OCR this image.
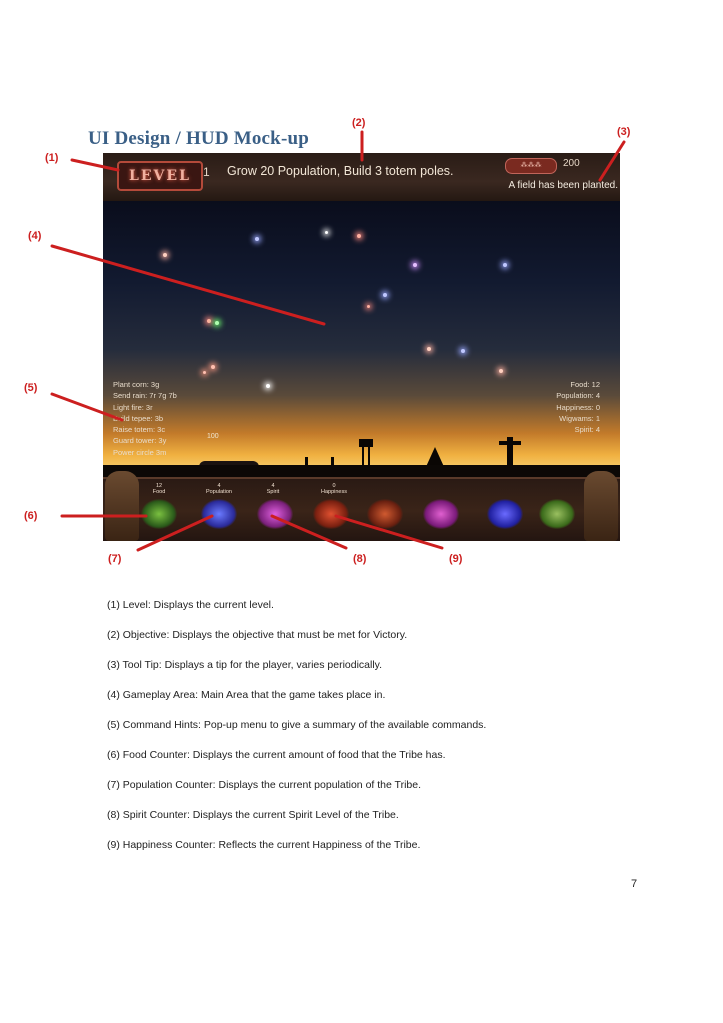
UI Design / HUD Mock-up
LEVEL	1 Grow 20 Population, Build 3 totem poles.	⁂⁂⁂	200
A field has been planted.
Plant corn: 3g
Send rain: 7r 7g 7b
Light fire: 3r
Build tepee: 3b
Raise totem: 3c
Guard tower: 3y
Power circle 3m
100
Food: 12
Population: 4
Happiness: 0
Wigwams: 1
Spirit: 4
12
Food
4
Population
4
Spirit
0
Happiness
(1)
(2)
(3)
(4)
(5)
(6)
(7)	(8)	(9)
(1) Level: Displays the current level.
(2) Objective: Displays the objective that must be met for Victory.
(3) Tool Tip: Displays a tip for the player, varies periodically.
(4) Gameplay Area: Main Area that the game takes place in.
(5) Command Hints: Pop-up menu to give a summary of the available commands.
(6) Food Counter: Displays the current amount of food that the Tribe has.
(7) Population Counter: Displays the current population of the Tribe.
(8) Spirit Counter: Displays the current Spirit Level of the Tribe.
(9) Happiness Counter: Reflects the current Happiness of the Tribe.
7
